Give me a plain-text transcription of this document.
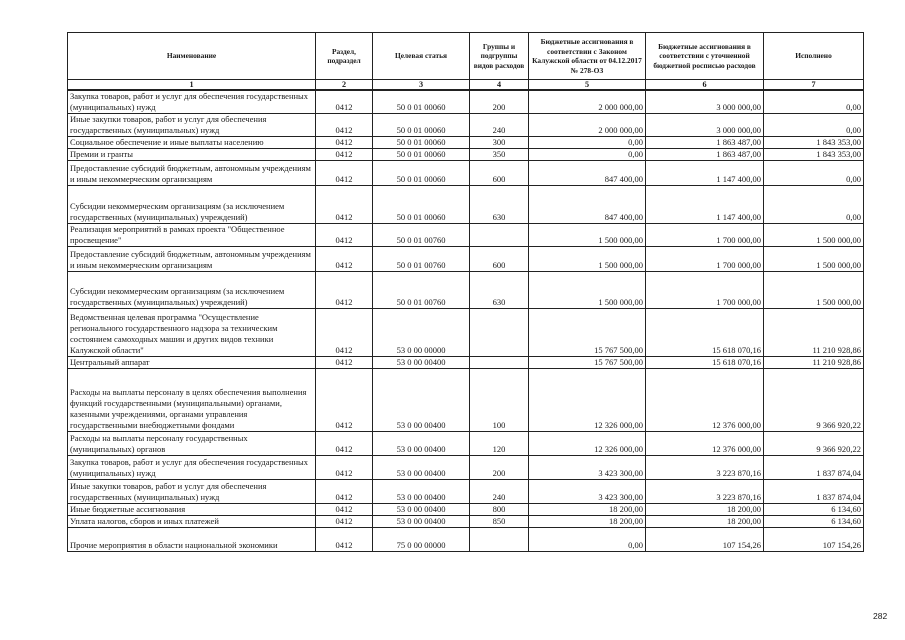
Наименование	Раздел, подраздел	Целевая статья	Группы и подгруппы видов расходов	Бюджетные ассигнования в соответствии с Законом Калужской области от 04.12.2017 № 278-ОЗ	Бюджетные ассигнования в соответствии с уточненной бюджетной росписью расходов	Исполнено
1	2	3	4	5	6	7
Закупка товаров, работ и услуг для обеспечения государственных (муниципальных) нужд	0412	50 0 01 00060	200	2 000 000,00	3 000 000,00	0,00
Иные закупки товаров, работ и услуг для обеспечения государственных (муниципальных) нужд	0412	50 0 01 00060	240	2 000 000,00	3 000 000,00	0,00
Социальное обеспечение и иные выплаты населению	0412	50 0 01 00060	300	0,00	1 863 487,00	1 843 353,00
Премии и гранты	0412	50 0 01 00060	350	0,00	1 863 487,00	1 843 353,00
Предоставление субсидий бюджетным, автономным учреждениям и иным некоммерческим организациям	0412	50 0 01 00060	600	847 400,00	1 147 400,00	0,00
Субсидии некоммерческим организациям (за исключением государственных (муниципальных) учреждений)	0412	50 0 01 00060	630	847 400,00	1 147 400,00	0,00
Реализация мероприятий в рамках проекта "Общественное просвещение"	0412	50 0 01 00760		1 500 000,00	1 700 000,00	1 500 000,00
Предоставление субсидий бюджетным, автономным учреждениям и иным некоммерческим организациям	0412	50 0 01 00760	600	1 500 000,00	1 700 000,00	1 500 000,00
Субсидии некоммерческим организациям (за исключением государственных (муниципальных) учреждений)	0412	50 0 01 00760	630	1 500 000,00	1 700 000,00	1 500 000,00
Ведомственная целевая программа "Осуществление регионального государственного надзора за техническим состоянием самоходных машин и других видов техники Калужской области"	0412	53 0 00 00000		15 767 500,00	15 618 070,16	11 210 928,86
Центральный аппарат	0412	53 0 00 00400		15 767 500,00	15 618 070,16	11 210 928,86
Расходы на выплаты персоналу в целях обеспечения выполнения функций государственными (муниципальными) органами, казенными учреждениями, органами управления государственными внебюджетными фондами	0412	53 0 00 00400	100	12 326 000,00	12 376 000,00	9 366 920,22
Расходы на выплаты персоналу государственных (муниципальных) органов	0412	53 0 00 00400	120	12 326 000,00	12 376 000,00	9 366 920,22
Закупка товаров, работ и услуг для обеспечения государственных (муниципальных) нужд	0412	53 0 00 00400	200	3 423 300,00	3 223 870,16	1 837 874,04
Иные закупки товаров, работ и услуг для обеспечения государственных (муниципальных) нужд	0412	53 0 00 00400	240	3 423 300,00	3 223 870,16	1 837 874,04
Иные бюджетные ассигнования	0412	53 0 00 00400	800	18 200,00	18 200,00	6 134,60
Уплата налогов, сборов и иных платежей	0412	53 0 00 00400	850	18 200,00	18 200,00	6 134,60
Прочие мероприятия в области национальной экономики	0412	75 0 00 00000		0,00	107 154,26	107 154,26
282
